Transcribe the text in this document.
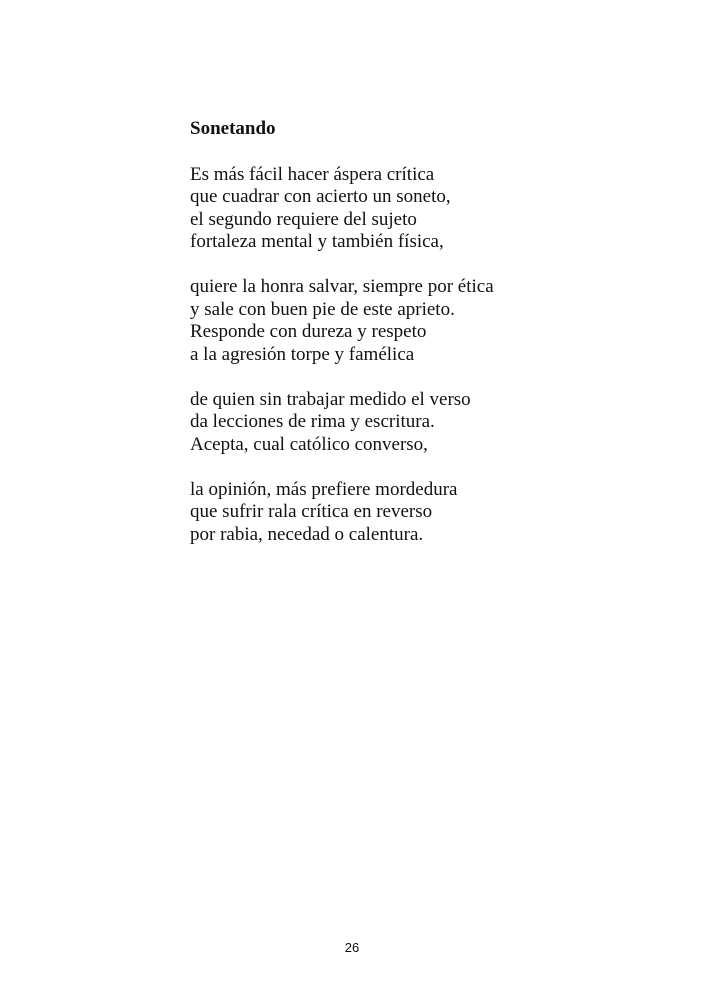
Sonetando
Es más fácil hacer áspera crítica
que cuadrar con acierto un soneto,
el segundo requiere del sujeto
fortaleza mental y también física,
quiere la honra salvar, siempre por ética
y sale con buen pie de este aprieto.
Responde con dureza y respeto
a la agresión torpe y famélica
de quien sin trabajar medido el verso
da lecciones de rima y escritura.
Acepta, cual católico converso,
la opinión, más prefiere mordedura
que sufrir rala crítica en reverso
por rabia, necedad o calentura.
26
